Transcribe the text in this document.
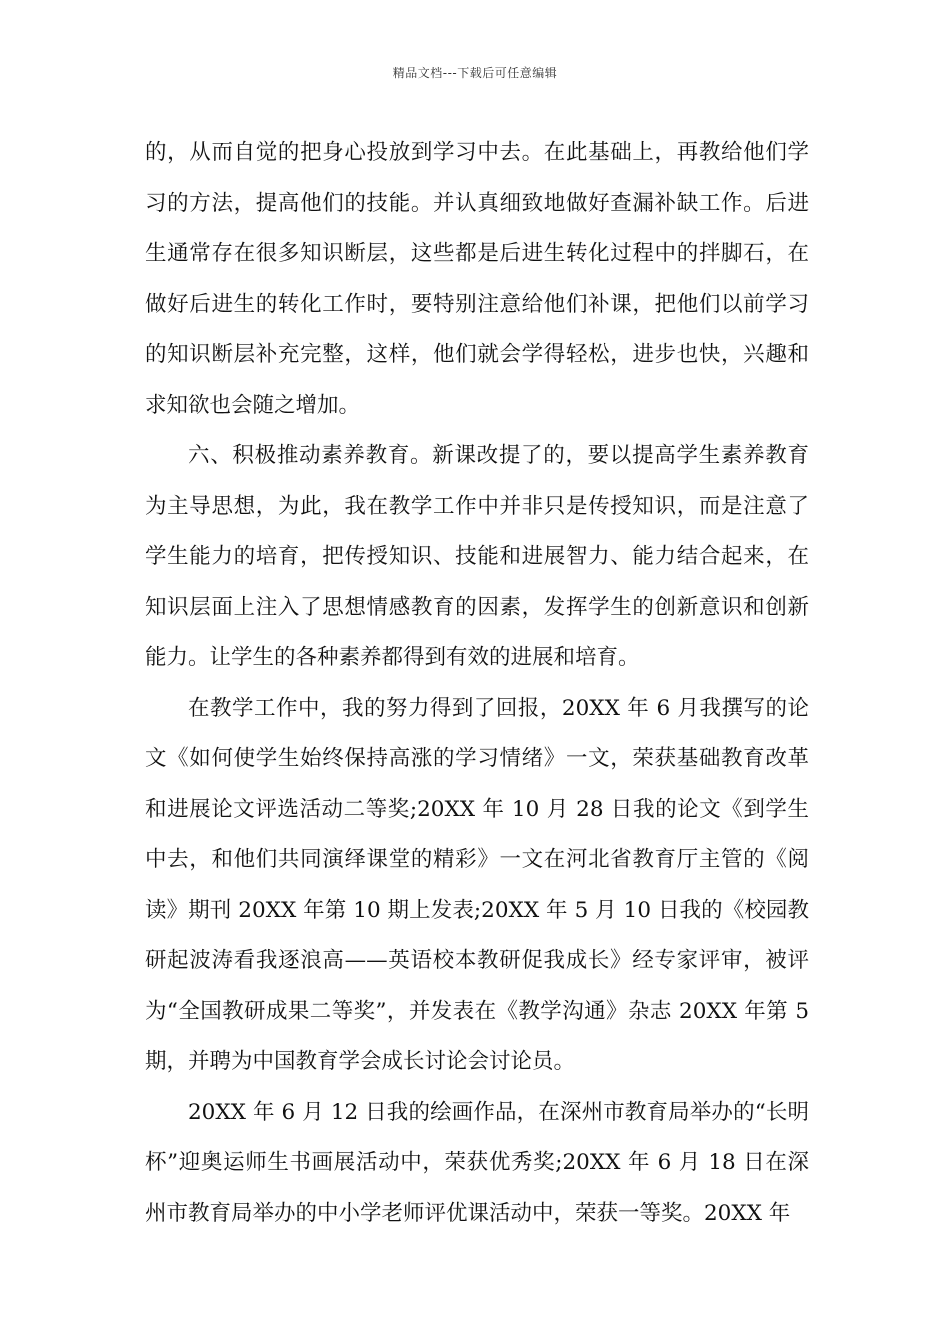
精品文档---下载后可任意编辑

的，从而自觉的把身心投放到学习中去。在此基础上，再教给他们学习的方法，提高他们的技能。并认真细致地做好查漏补缺工作。后进生通常存在很多知识断层，这些都是后进生转化过程中的拌脚石，在做好后进生的转化工作时，要特别注意给他们补课，把他们以前学习的知识断层补充完整，这样，他们就会学得轻松，进步也快，兴趣和求知欲也会随之增加。

六、积极推动素养教育。新课改提了的，要以提高学生素养教育为主导思想，为此，我在教学工作中并非只是传授知识，而是注意了学生能力的培育，把传授知识、技能和进展智力、能力结合起来，在知识层面上注入了思想情感教育的因素，发挥学生的创新意识和创新能力。让学生的各种素养都得到有效的进展和培育。

在教学工作中，我的努力得到了回报，20XX 年 6 月我撰写的论文《如何使学生始终保持高涨的学习情绪》一文，荣获基础教育改革和进展论文评选活动二等奖;20XX 年 10 月 28 日我的论文《到学生中去，和他们共同演绎课堂的精彩》一文在河北省教育厅主管的《阅读》期刊 20XX 年第 10 期上发表;20XX 年 5 月 10 日我的《校园教研起波涛看我逐浪高——英语校本教研促我成长》经专家评审，被评为“全国教研成果二等奖”，并发表在《教学沟通》杂志 20XX 年第 5 期，并聘为中国教育学会成长讨论会讨论员。

20XX 年 6 月 12 日我的绘画作品，在深州市教育局举办的“长明杯”迎奥运师生书画展活动中，荣获优秀奖;20XX 年 6 月 18 日在深州市教育局举办的中小学老师评优课活动中，荣获一等奖。20XX 年
